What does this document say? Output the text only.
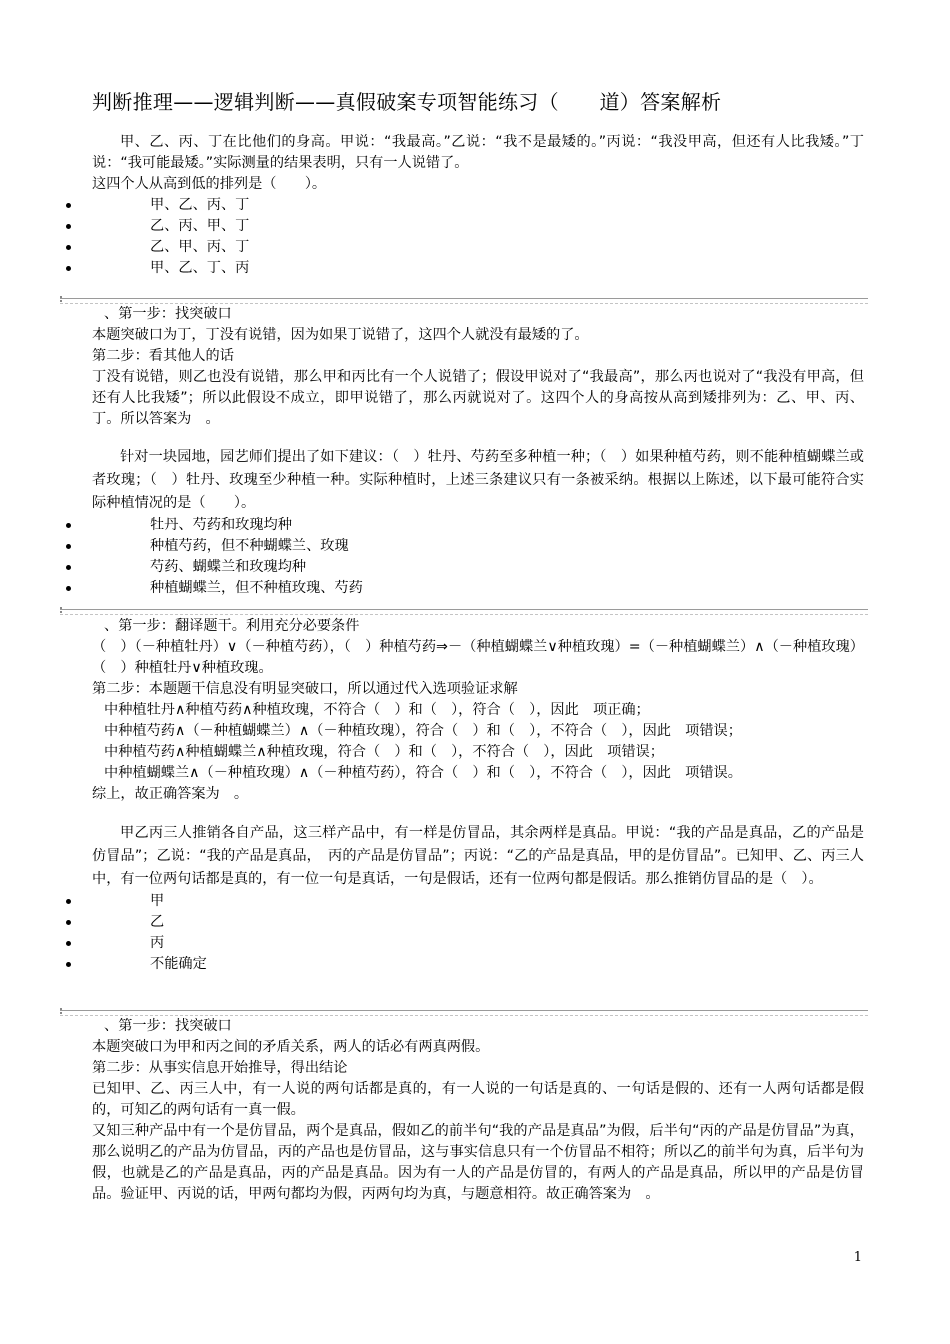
判断推理——逻辑判断——真假破案专项智能练习（　　道）答案解析

甲、乙、丙、丁在比他们的身高。甲说：“我最高。”乙说：“我不是最矮的。”丙说：“我没甲高，但还有人比我矮。”丁说：“我可能最矮。”实际测量的结果表明，只有一人说错了。

这四个人从高到低的排列是（　　）。

甲、乙、丙、丁
乙、丙、甲、丁
乙、甲、丙、丁
甲、乙、丁、丙

、第一步：找突破口

本题突破口为丁，丁没有说错，因为如果丁说错了，这四个人就没有最矮的了。

第二步：看其他人的话

丁没有说错，则乙也没有说错，那么甲和丙比有一个人说错了；假设甲说对了“我最高”，那么丙也说对了“我没有甲高，但还有人比我矮”；所以此假设不成立，即甲说错了，那么丙就说对了。这四个人的身高按从高到矮排列为：乙、甲、丙、丁。所以答案为　。

针对一块园地，园艺师们提出了如下建议：（　）牡丹、芍药至多种植一种；（　）如果种植芍药，则不能种植蝴蝶兰或者玫瑰；（　）牡丹、玫瑰至少种植一种。实际种植时，上述三条建议只有一条被采纳。根据以上陈述，以下最可能符合实际种植情况的是（　　）。

牡丹、芍药和玫瑰均种
种植芍药，但不种蝴蝶兰、玫瑰
芍药、蝴蝶兰和玫瑰均种
种植蝴蝶兰，但不种植玫瑰、芍药

、第一步：翻译题干。利用充分必要条件

（　）（－种植牡丹）∨（－种植芍药），（　）种植芍药⇒－（种植蝴蝶兰∨种植玫瑰）=（－种植蝴蝶兰）∧（－种植玫瑰）（　）种植牡丹∨种植玫瑰。

第二步：本题题干信息没有明显突破口，所以通过代入选项验证求解

中种植牡丹∧种植芍药∧种植玫瑰，不符合（　）和（　），符合（　），因此　项正确；

中种植芍药∧（－种植蝴蝶兰）∧（－种植玫瑰），符合（　）和（　），不符合（　），因此　项错误；

中种植芍药∧种植蝴蝶兰∧种植玫瑰，符合（　）和（　），不符合（　），因此　项错误；

中种植蝴蝶兰∧（－种植玫瑰）∧（－种植芍药），符合（　）和（　），不符合（　），因此　项错误。

综上，故正确答案为　。

甲乙丙三人推销各自产品，这三样产品中，有一样是仿冒品，其余两样是真品。甲说：“我的产品是真品，乙的产品是仿冒品”；乙说：“我的产品是真品，　丙的产品是仿冒品”；丙说：“乙的产品是真品，甲的是仿冒品”。已知甲、乙、丙三人中，有一位两句话都是真的，有一位一句是真话，一句是假话，还有一位两句都是假话。那么推销仿冒品的是（　）。

甲
乙
丙
不能确定

、第一步：找突破口

本题突破口为甲和丙之间的矛盾关系，两人的话必有两真两假。

第二步：从事实信息开始推导，得出结论

已知甲、乙、丙三人中，有一人说的两句话都是真的，有一人说的一句话是真的、一句话是假的、还有一人两句话都是假的，可知乙的两句话有一真一假。

又知三种产品中有一个是仿冒品，两个是真品，假如乙的前半句“我的产品是真品”为假，后半句“丙的产品是仿冒品”为真，那么说明乙的产品为仿冒品，丙的产品也是仿冒品，这与事实信息只有一个仿冒品不相符；所以乙的前半句为真，后半句为假，也就是乙的产品是真品，丙的产品是真品。因为有一人的产品是仿冒的，有两人的产品是真品，所以甲的产品是仿冒品。验证甲、丙说的话，甲两句都均为假，丙两句均为真，与题意相符。故正确答案为　。

1
